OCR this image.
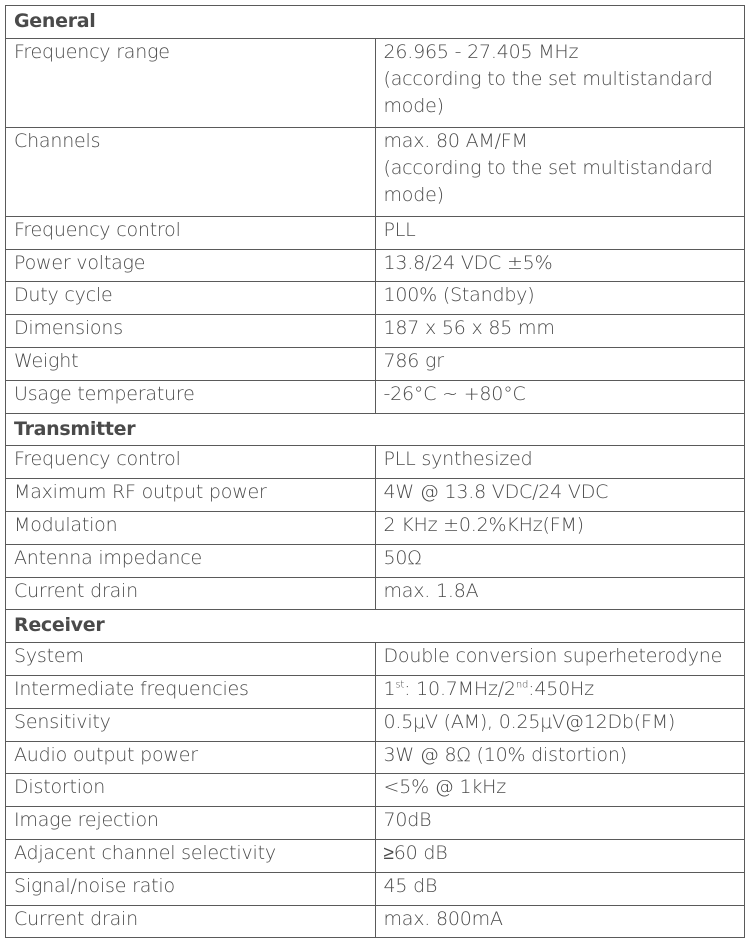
General	
Frequency range	26.965 - 27.405 MHz
(according to the set multistandard
mode)

Channels	max. 80 AM/FM
(according to the set multistandard
mode)

Frequency control	PLL
Power voltage	13.8/24 VDC ±5%
Duty cycle	100% (Standby)
Dimensions	187 x 56 x 85 mm
Weight	786 gr
Usage temperature	-26°C ~ +80°C
Transmitter	
Frequency control	PLL synthesized
Maximum RF output power	4W @ 13.8 VDC/24 VDC
Modulation	2 KHz ±0.2%KHz(FM)
Antenna impedance	50Ω
Current drain	max. 1.8A
Receiver	
System	Double conversion superheterodyne
Intermediate frequencies	1st: 10.7MHz/2nd:450Hz
Sensitivity	0.5μV (AM), 0.25μV@12Db(FM)
Audio output power	3W @ 8Ω (10% distortion)
Distortion	<5% @ 1kHz
Image rejection	70dB
Adjacent channel selectivity	≥60 dB
Signal/noise ratio	45 dB
Current drain	max. 800mA
